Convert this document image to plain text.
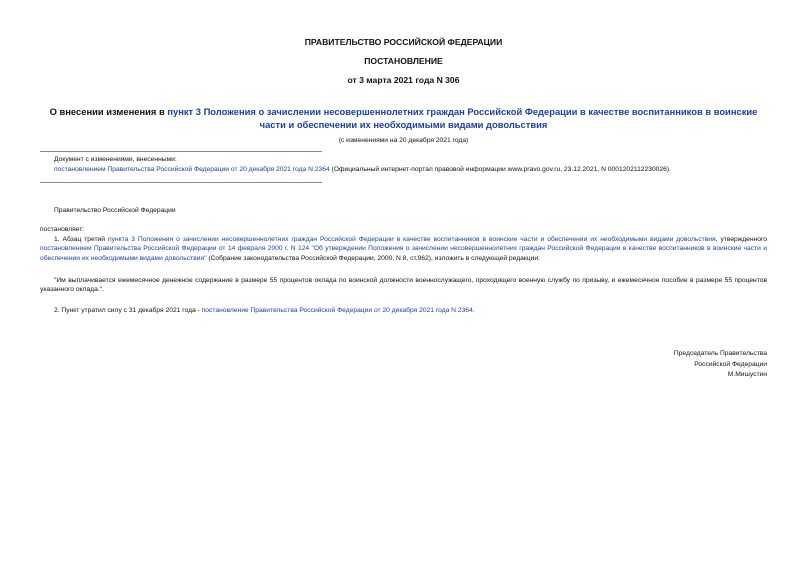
ПРАВИТЕЛЬСТВО РОССИЙСКОЙ ФЕДЕРАЦИИ
ПОСТАНОВЛЕНИЕ
от 3 марта 2021 года N 306
О внесении изменения в пункт 3 Положения о зачислении несовершеннолетних граждан Российской Федерации в качестве воспитанников в воинские части и обеспечении их необходимыми видами довольствия
(с изменениями на 20 декабря 2021 года)
Документ с изменениями, внесенными:
постановлением Правительства Российской Федерации от 20 декабря 2021 года N 2364 (Официальный интернет-портал правовой информации www.pravo.gov.ru, 23.12.2021, N 0001202112230026).
Правительство Российской Федерации
постановляет:
1. Абзац третий пункта 3 Положения о зачислении несовершеннолетних граждан Российской Федерации в качестве воспитанников в воинские части и обеспечении их необходимыми видами довольствия, утвержденного постановлением Правительства Российской Федерации от 14 февраля 2000 г. N 124 "Об утверждении Положения о зачислении несовершеннолетних граждан Российской Федерации в качестве воспитанников в воинские части и обеспечении их необходимыми видами довольствия" (Собрание законодательства Российской Федерации, 2000, N 8, ст.962), изложить в следующей редакции:
"Им выплачивается ежемесячное денежное содержание в размере 55 процентов оклада по воинской должности военнослужащего, проходящего военную службу по призыву, и ежемесячное пособие в размере 55 процентов указанного оклада.".
2. Пункт утратил силу с 31 декабря 2021 года - постановление Правительства Российской Федерации от 20 декабря 2021 года N 2364.
Председатель Правительства
Российской Федерации
М.Мишустин
